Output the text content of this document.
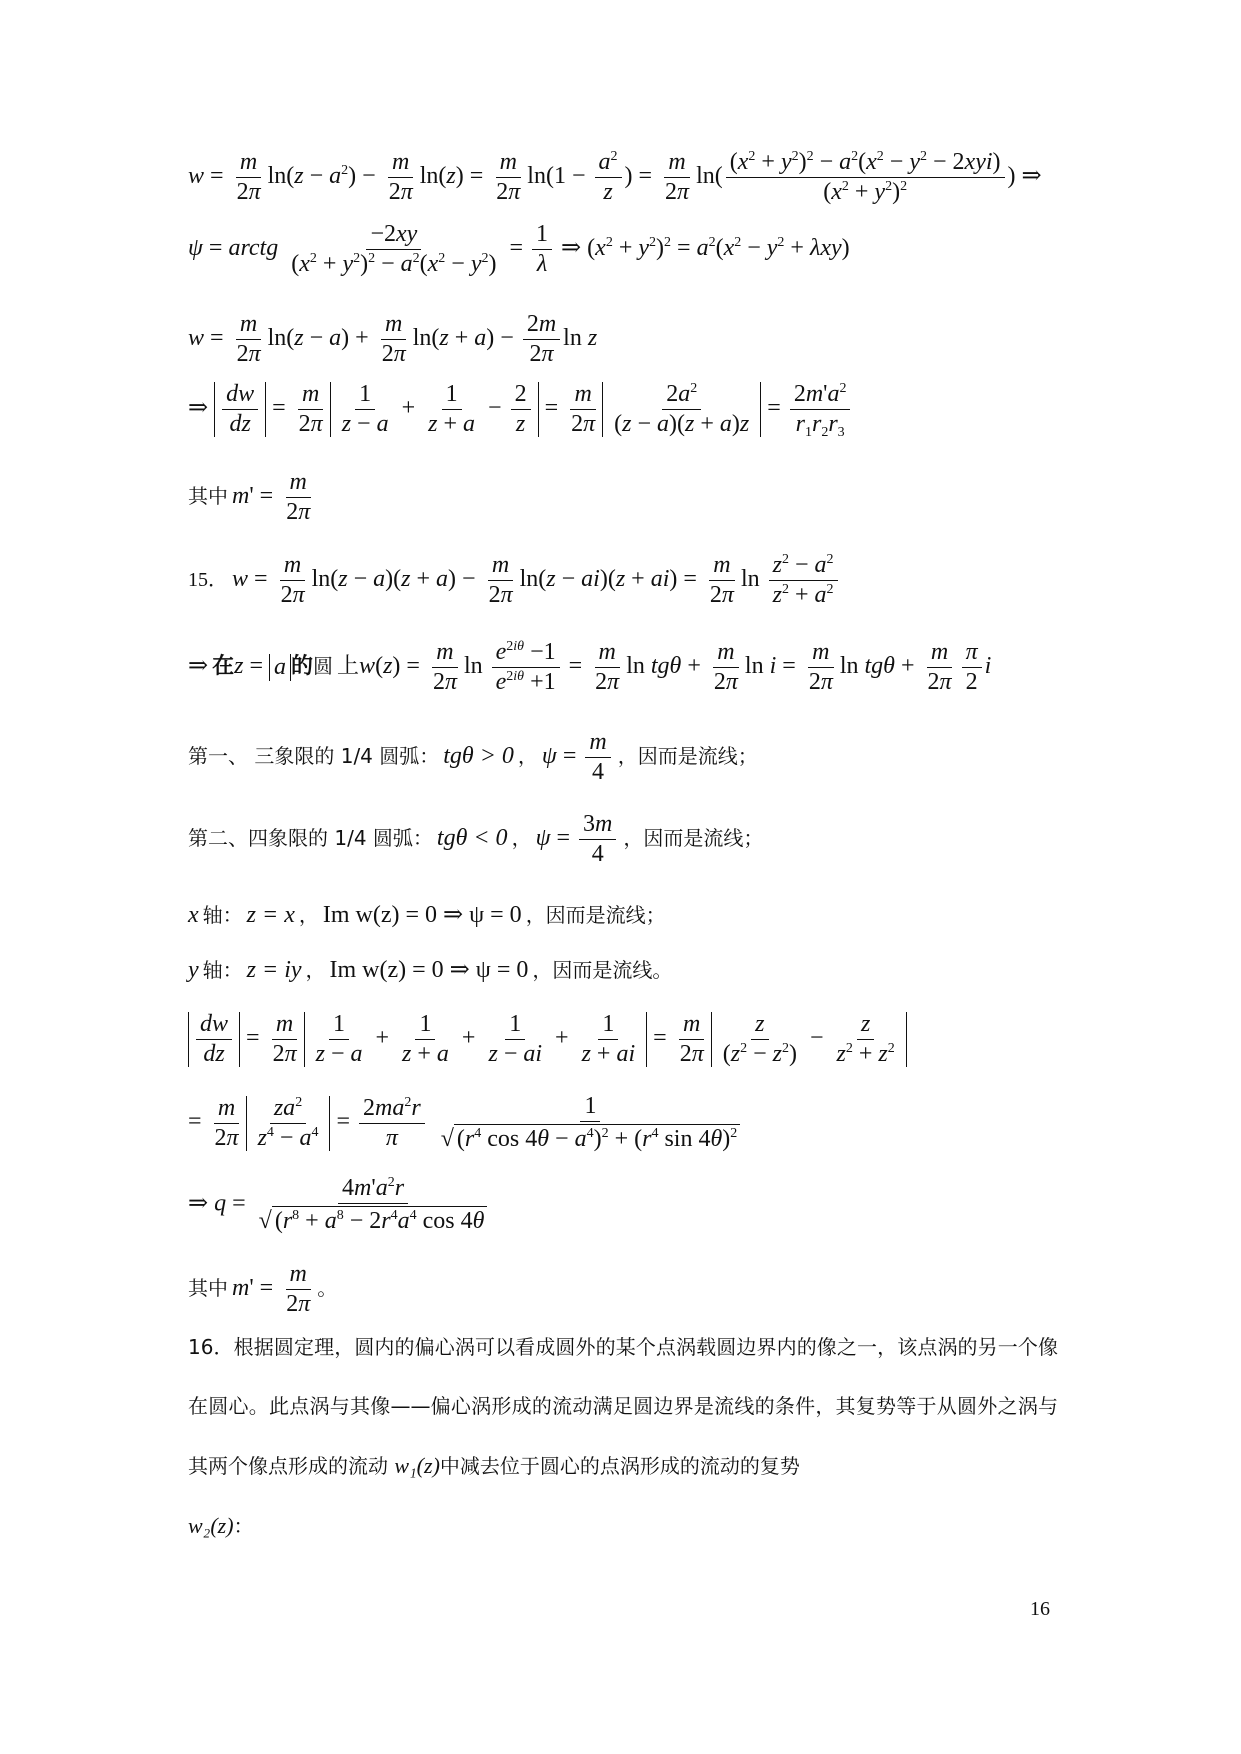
$w = \frac{m}{2\pi} \ln(z - a^2) - \frac{m}{2\pi} \ln(z) = \frac{m}{2\pi} \ln(1 - \frac{a^2}{z}$ ) = $\frac{m}{2\pi} \ln( \frac{(x^2 + y^2)^2 - a^2(x^2 - y^2 - 2xyi)}{(x^2 + y^2)^2}$ ) ⇒
ψ = arctg $\frac{-2xy}{(x^2 + y^2)^2 - a^2(x^2 - y^2)} = \frac{1}{\lambda}$ ⇒ $(x^2 + y^2)^2 = a^2(x^2 - y^2 + \lambda xy)$
$w = \frac{m}{2\pi} \ln(z - a) + \frac{m}{2\pi} \ln(z + a) - \frac{2m}{2\pi}$ ln z
⇒ $\frac{dw}{dz} = \frac{m}{2\pi} \frac{1}{z - a} + \frac{1}{z + a} - \frac{2}{z} = \frac{m}{2\pi} \frac{2a^2}{(z - a)(z + a)z} = \frac{2m'a^2}{r_1r_2r_3}$
其中 $m' = \frac{m}{2\pi}$
15． $w = \frac{m}{2\pi} \ln(z - a)(z + a) - \frac{m}{2\pi} \ln(z - ai)(z + ai) = \frac{m}{2\pi}$ $\ln \frac{z^2 - a^2}{z^2 + a^2}$
⇒ 在z = a 的圆 上$w(z) = \frac{m}{2\pi}$ $\ln \frac{e^{2i\theta} -1}{e^{2i\theta} +1} = \frac{m}{2\pi}$ $\ln tg\theta + \frac{m}{2\pi}$ $\ln i = \frac{m}{2\pi}$ $\ln tg\theta + \frac{m}{2\pi} \frac{\pi}{2}$ i
第一、 三象限的 1/4 圆弧： tgθ > 0 ， $\psi = \frac{m}{4}$ ，因而是流线；
第二、四象限的 1/4 圆弧： tgθ < 0 ， $\psi = \frac{3m}{4}$ ，因而是流线；
x 轴： z = x ， Im w(z) = 0 ⇒ ψ = 0 ，因而是流线；
y 轴： z = iy ， Im w(z) = 0 ⇒ ψ = 0 ，因而是流线。
$\frac{dw}{dz} = \frac{m}{2\pi} \frac{1}{z - a} + \frac{1}{z + a} + \frac{1}{z - ai} + \frac{1}{z + ai} = \frac{m}{2\pi} \frac{z}{(z^2 - z^2)} - \frac{z}{z^2 + z^2}$
= $\frac{m}{2\pi} \frac{za^2}{z^4 - a^4} = \frac{2ma^2r}{\pi}$
$\frac{1}{√ (r^4 \cos 4\theta - a^4)^2 + (r^4 \sin 4\theta)^2}$
⇒ $q = \frac{4m'a^2r}{√ (r^8 + a^8 - 2r^4a^4 \cos 4\theta}$
其中 $m' = \frac{m}{2\pi}$ 。
16．根据圆定理，圆内的偏心涡可以看成圆外的某个点涡载圆边界内的像之一，该点涡的另一个像在圆心。此点涡与其像——偏心涡形成的流动满足圆边界是流线的条件，其复势等于从圆外之涡与其两个像点形成的流动 w₁(z)中减去位于圆心的点涡形成的流动的复势
w₂(z)：
16
